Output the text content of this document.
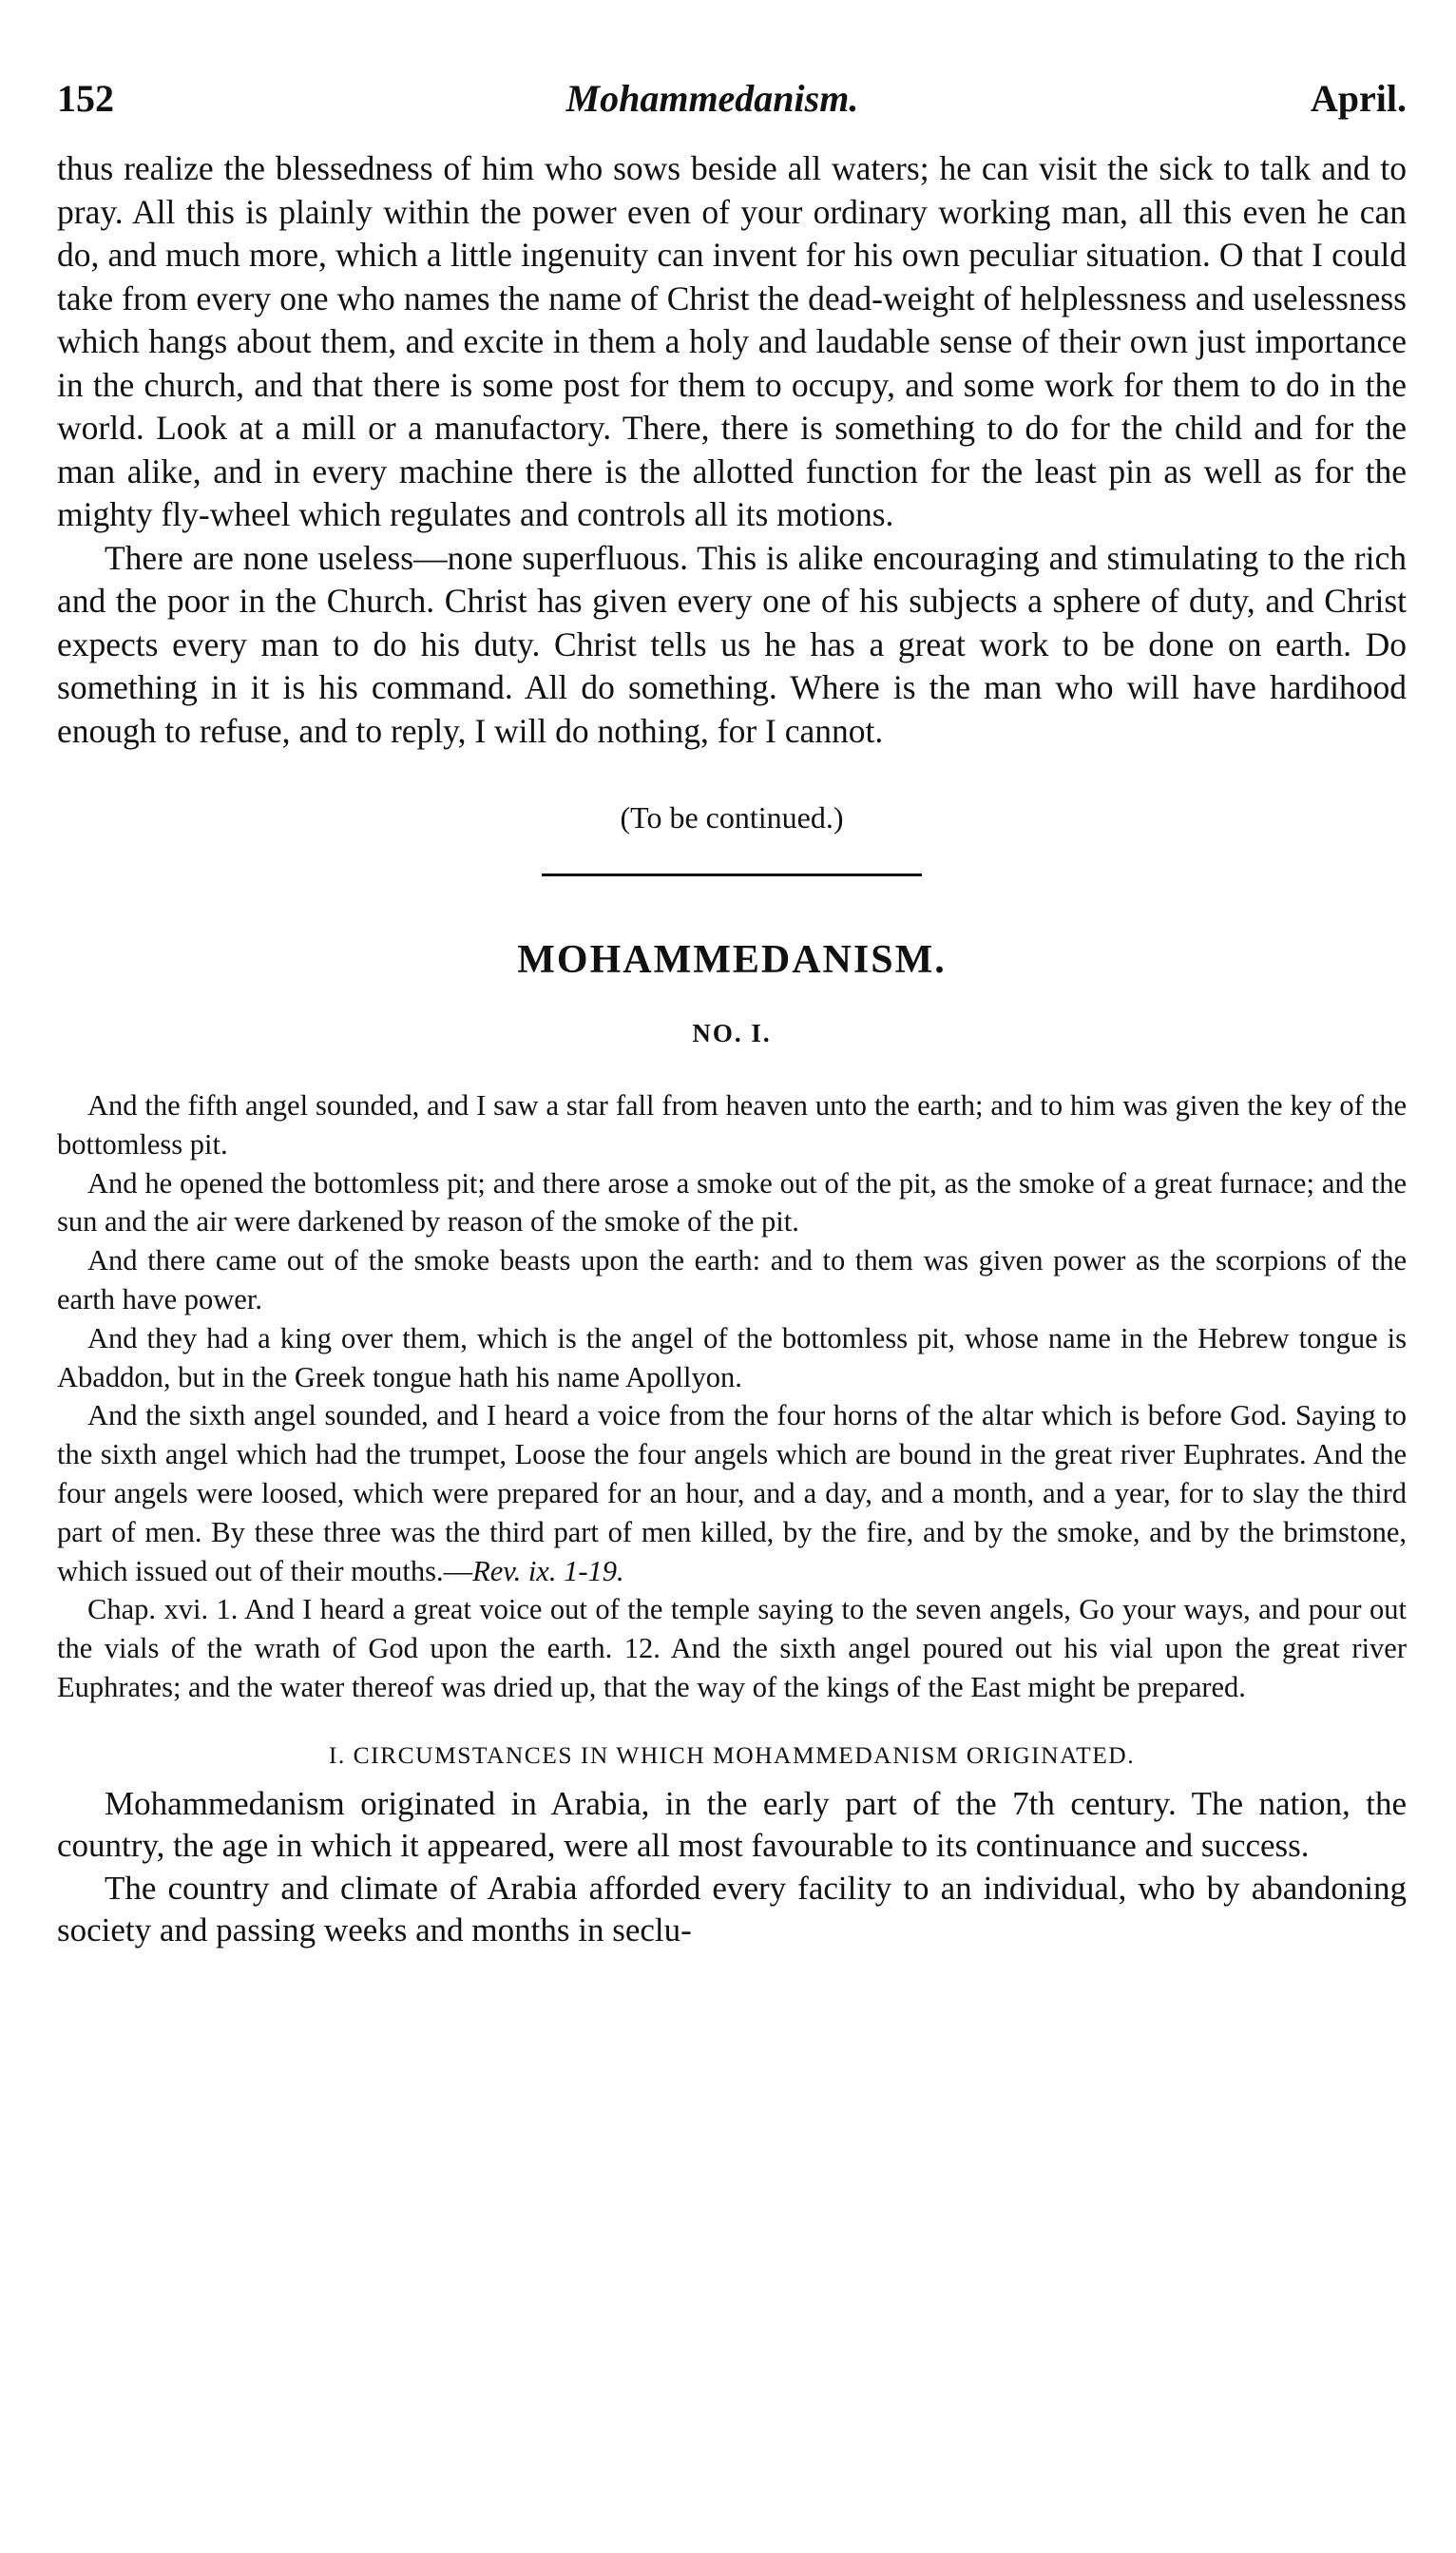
152	Mohammedanism.	April.

thus realize the blessedness of him who sows beside all waters; he can visit the sick to talk and to pray. All this is plainly within the power even of your ordinary working man, all this even he can do, and much more, which a little ingenuity can invent for his own peculiar situation. O that I could take from every one who names the name of Christ the dead-weight of helplessness and uselessness which hangs about them, and excite in them a holy and laudable sense of their own just importance in the church, and that there is some post for them to occupy, and some work for them to do in the world. Look at a mill or a manufactory. There, there is something to do for the child and for the man alike, and in every machine there is the allotted function for the least pin as well as for the mighty fly-wheel which regulates and controls all its motions.

There are none useless—none superfluous. This is alike encouraging and stimulating to the rich and the poor in the Church. Christ has given every one of his subjects a sphere of duty, and Christ expects every man to do his duty. Christ tells us he has a great work to be done on earth. Do something in it is his command. All do something. Where is the man who will have hardihood enough to refuse, and to reply, I will do nothing, for I cannot.

(To be continued.)

MOHAMMEDANISM.
NO. I.

And the fifth angel sounded, and I saw a star fall from heaven unto the earth; and to him was given the key of the bottomless pit.

And he opened the bottomless pit; and there arose a smoke out of the pit, as the smoke of a great furnace; and the sun and the air were darkened by reason of the smoke of the pit.

And there came out of the smoke beasts upon the earth: and to them was given power as the scorpions of the earth have power.

And they had a king over them, which is the angel of the bottomless pit, whose name in the Hebrew tongue is Abaddon, but in the Greek tongue hath his name Apollyon.

And the sixth angel sounded, and I heard a voice from the four horns of the altar which is before God. Saying to the sixth angel which had the trumpet, Loose the four angels which are bound in the great river Euphrates. And the four angels were loosed, which were prepared for an hour, and a day, and a month, and a year, for to slay the third part of men. By these three was the third part of men killed, by the fire, and by the smoke, and by the brimstone, which issued out of their mouths.—Rev. ix. 1-19.

Chap. xvi. 1. And I heard a great voice out of the temple saying to the seven angels, Go your ways, and pour out the vials of the wrath of God upon the earth. 12. And the sixth angel poured out his vial upon the great river Euphrates; and the water thereof was dried up, that the way of the kings of the East might be prepared.

I. CIRCUMSTANCES IN WHICH MOHAMMEDANISM ORIGINATED.

Mohammedanism originated in Arabia, in the early part of the 7th century. The nation, the country, the age in which it appeared, were all most favourable to its continuance and success.

The country and climate of Arabia afforded every facility to an individual, who by abandoning society and passing weeks and months in seclu-
